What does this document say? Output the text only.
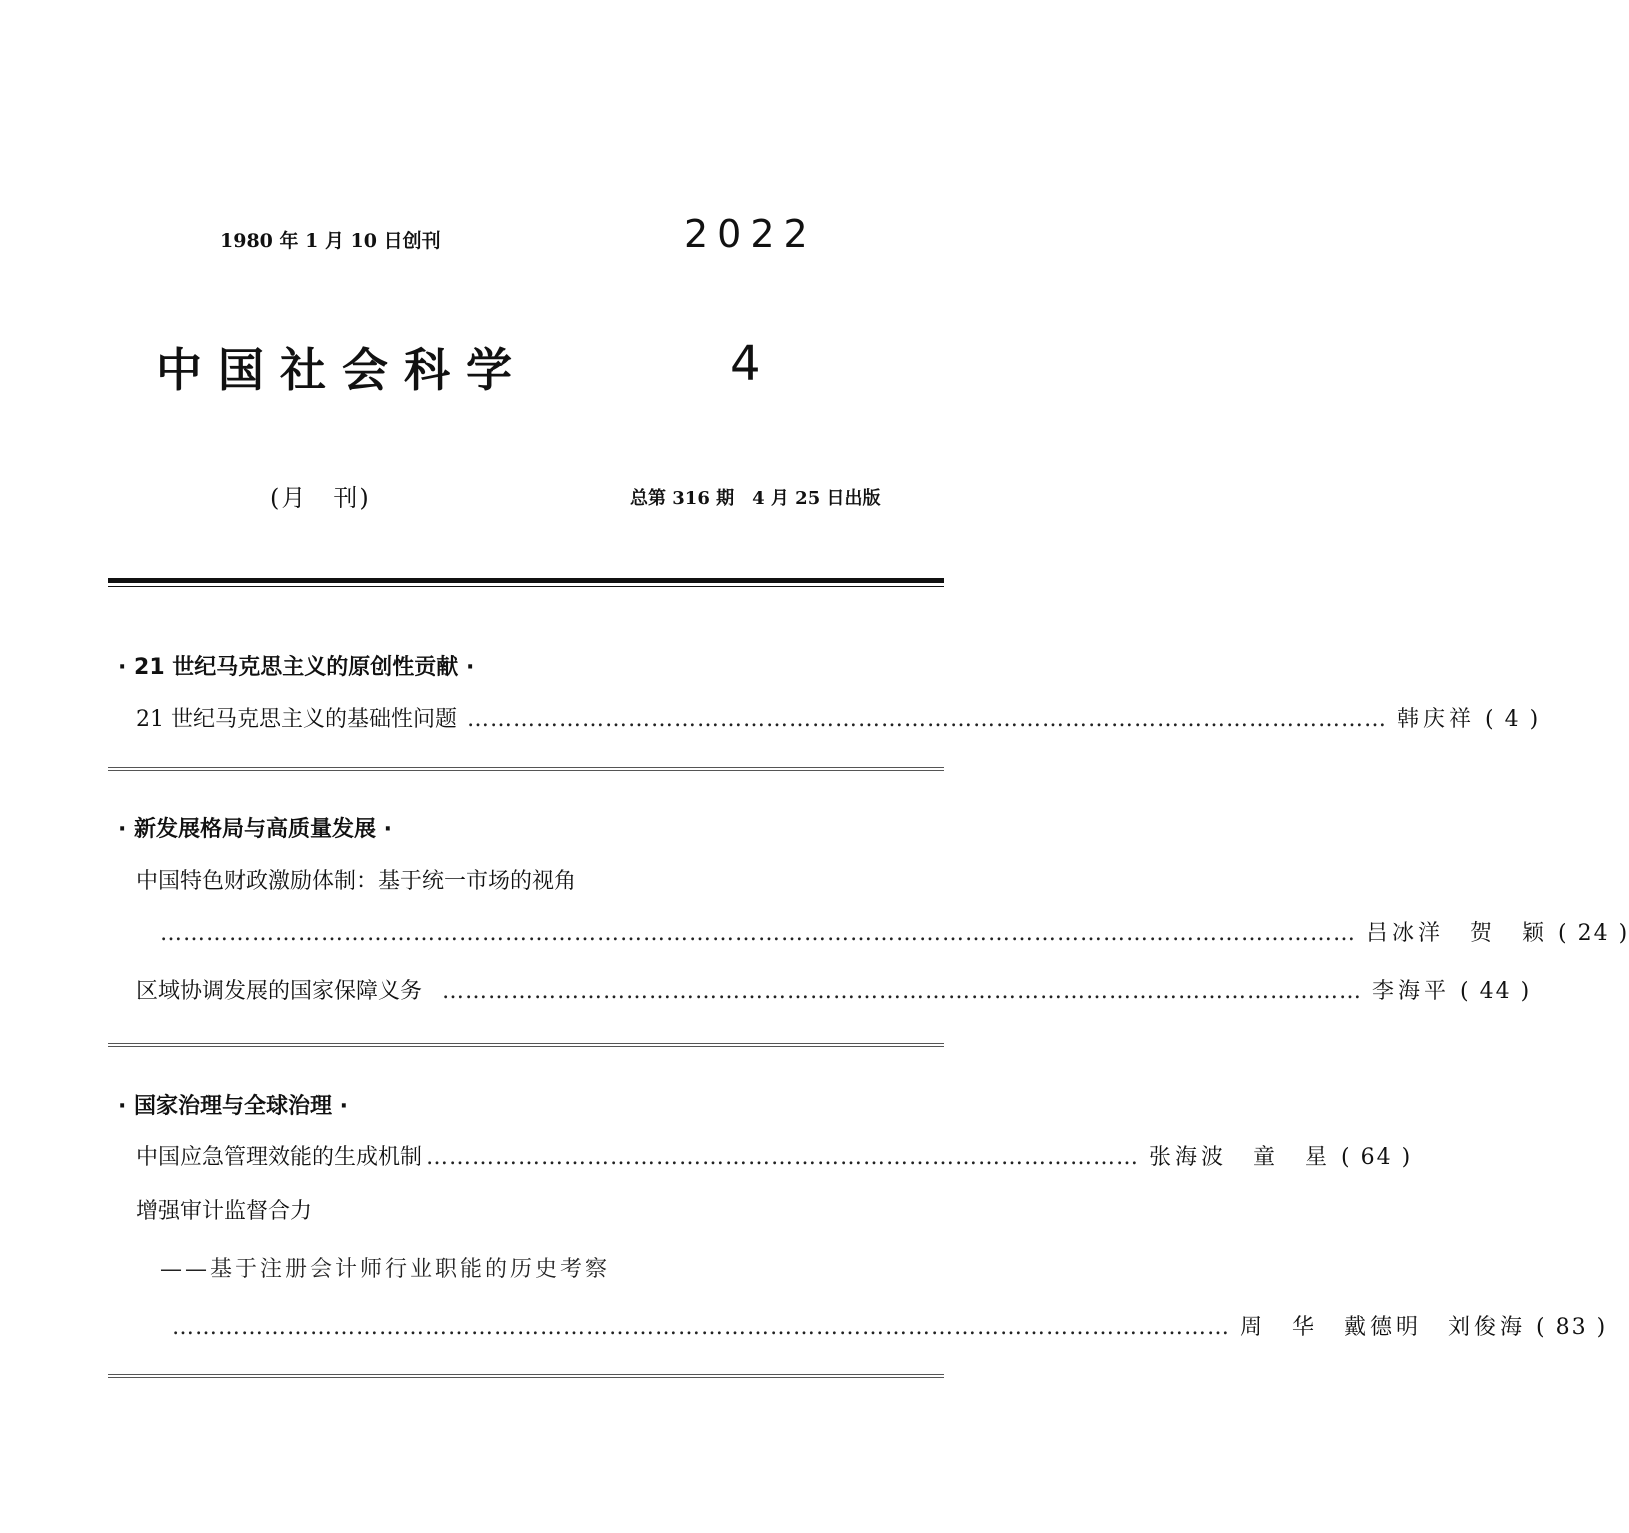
1980 年 1 月 10 日创刊	2022
中国社会科学	4
(月　刊)	总第 316 期　4 月 25 日出版
· 21 世纪马克思主义的原创性贡献 ·
21 世纪马克思主义的基础性问题 ………………………………………………………………………………………………………… 韩庆祥 ( 4 )
· 新发展格局与高质量发展 ·
中国特色财政激励体制：基于统一市场的视角
………………………………………………………………………………………………………………………………………… 吕冰洋　贺　颖 ( 24 )
区域协调发展的国家保障义务 ………………………………………………………………………………………………………… 李海平 ( 44 )
· 国家治理与全球治理 ·
中国应急管理效能的生成机制 ………………………………………………………………………………… 张海波　童　星 ( 64 )
增强审计监督合力
——基于注册会计师行业职能的历史考察
………………………………………………………………………………………………………………………… 周　华　戴德明　刘俊海 ( 83 )
